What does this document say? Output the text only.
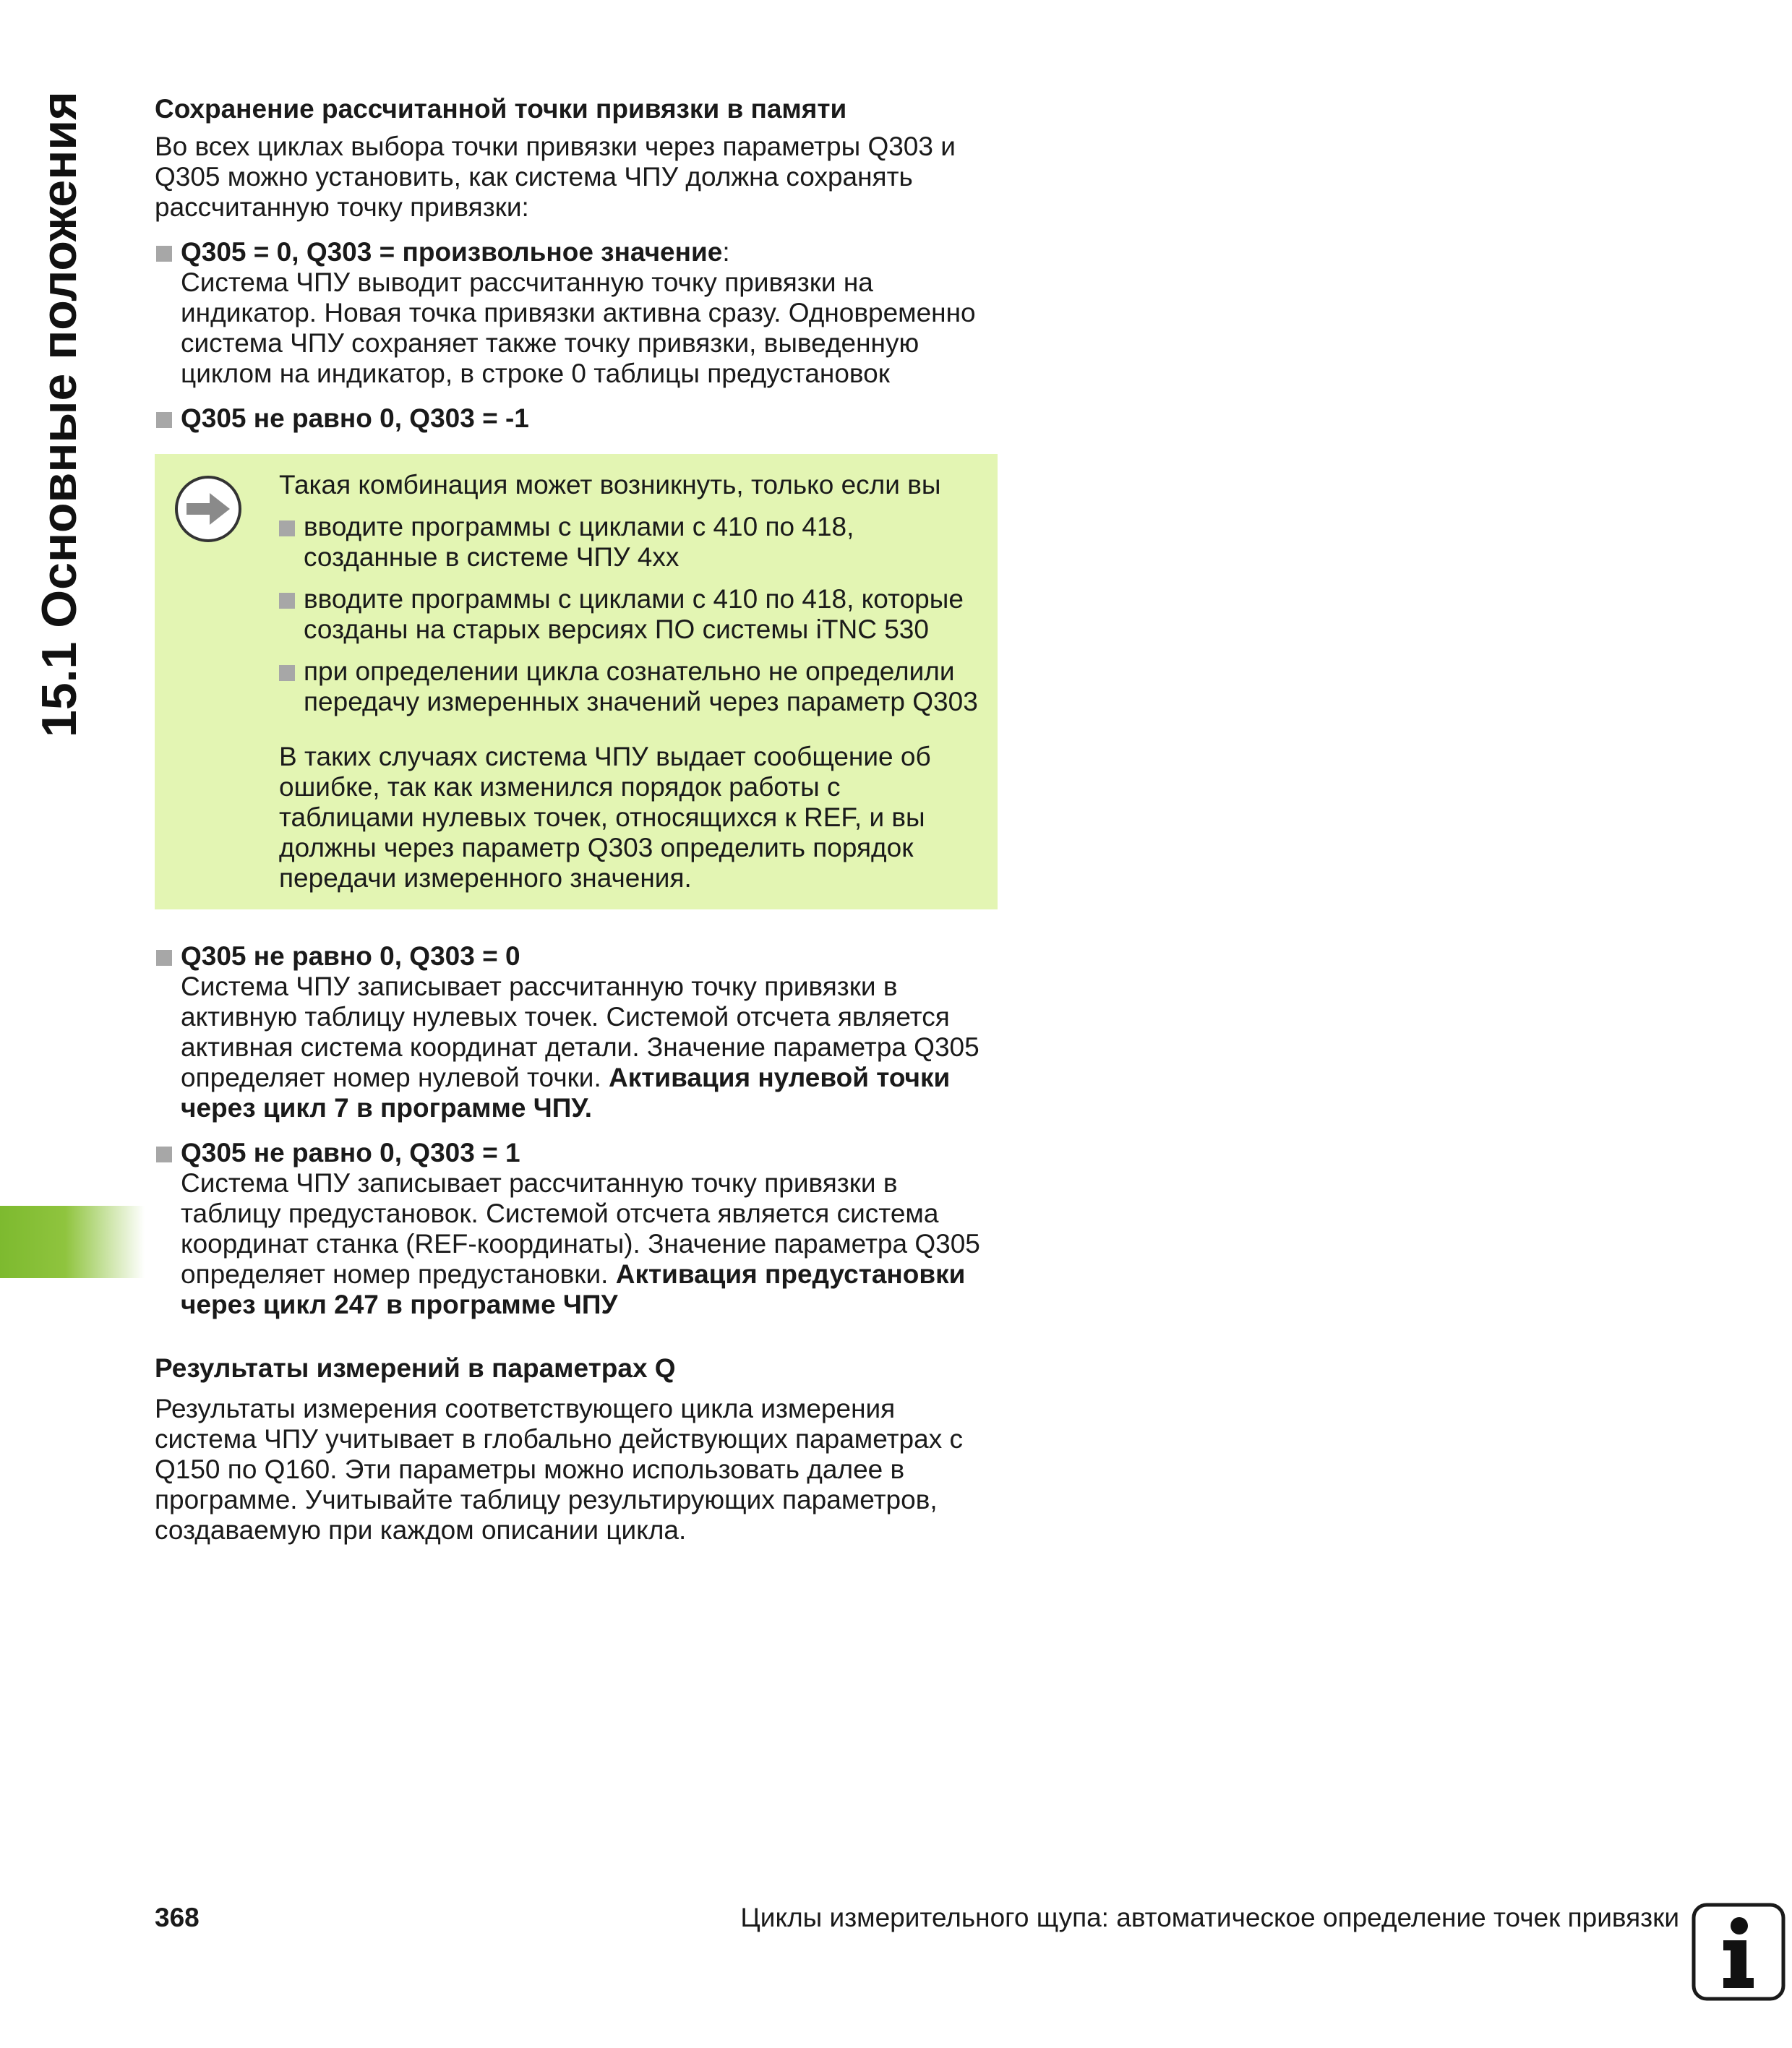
15.1 Основные положения	Сохранение рассчитанной точки привязки в памяти

Во всех циклах выбора точки привязки через параметры Q303 и Q305 можно установить, как система ЧПУ должна сохранять рассчитанную точку привязки:

Q305 = 0, Q303 = произвольное значение:
Система ЧПУ выводит рассчитанную точку привязки на индикатор. Новая точка привязки активна сразу. Одновременно система ЧПУ сохраняет также точку привязки, выведенную циклом на индикатор, в строке 0 таблицы предустановок
Q305 не равно 0, Q303 = -1

Такая комбинация может возникнуть, только если вы

вводите программы с циклами с 410 по 418, созданные в системе ЧПУ 4xx
вводите программы с циклами с 410 по 418, которые созданы на старых версиях ПО системы iTNC 530
при определении цикла сознательно не определили передачу измеренных значений через параметр Q303

В таких случаях система ЧПУ выдает сообщение об ошибке, так как изменился порядок работы с таблицами нулевых точек, относящихся к REF, и вы должны через параметр Q303 определить порядок передачи измеренного значения.

Q305 не равно 0, Q303 = 0
Система ЧПУ записывает рассчитанную точку привязки в активную таблицу нулевых точек. Системой отсчета является активная система координат детали. Значение параметра Q305 определяет номер нулевой точки. Активация нулевой точки через цикл 7 в программе ЧПУ.
Q305 не равно 0, Q303 = 1
Система ЧПУ записывает рассчитанную точку привязки в таблицу предустановок. Системой отсчета является система координат станка (REF-координаты). Значение параметра Q305 определяет номер предустановки. Активация предустановки через цикл 247 в программе ЧПУ
Результаты измерений в параметрах Q

Результаты измерения соответствующего цикла измерения система ЧПУ учитывает в глобально действующих параметрах с Q150 по Q160. Эти параметры можно использовать далее в программе. Учитывайте таблицу результирующих параметров, создаваемую при каждом описании цикла.

368	Циклы измерительного щупа: автоматическое определение точек привязки
